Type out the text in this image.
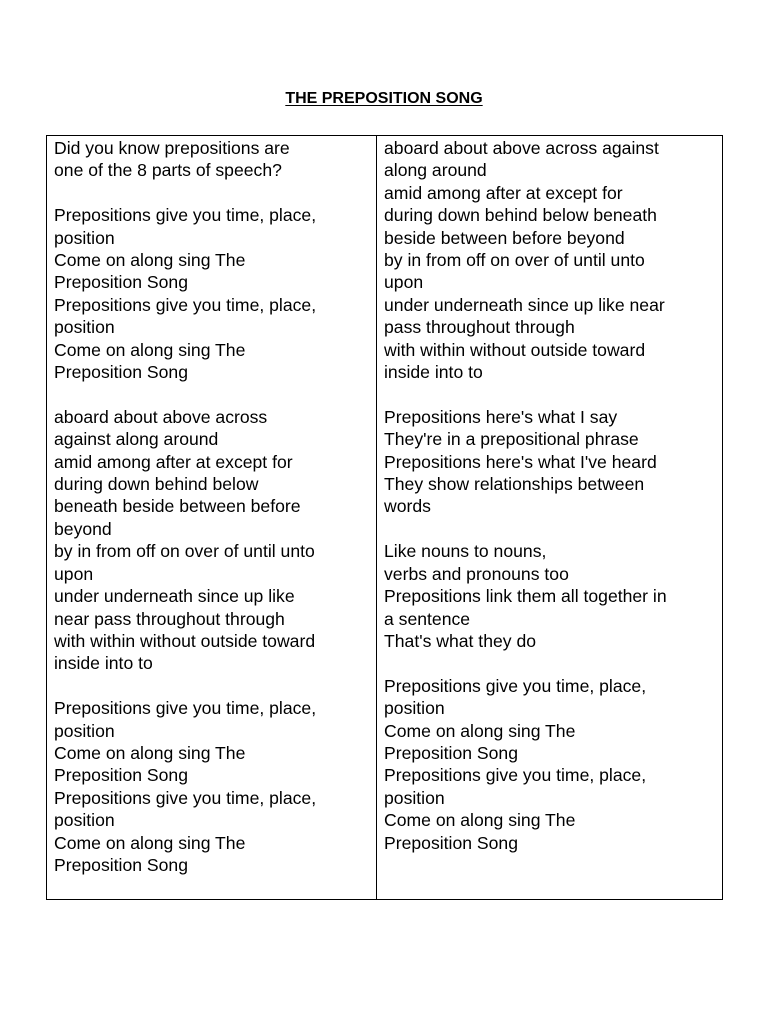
THE PREPOSITION SONG
Did you know prepositions are
one of the 8 parts of speech?
Prepositions give you time, place,
position
Come on along sing The
Preposition Song
Prepositions give you time, place,
position
Come on along sing The
Preposition Song
aboard about above across
against along around
amid among after at except for
during down behind below
beneath beside between before
beyond
by in from off on over of until unto
upon
under underneath since up like
near pass throughout through
with within without outside toward
inside into to
Prepositions give you time, place,
position
Come on along sing The
Preposition Song
Prepositions give you time, place,
position
Come on along sing The
Preposition Song
aboard about above across against
along around
amid among after at except for
during down behind below beneath
beside between before beyond
by in from off on over of until unto
upon
under underneath since up like near
pass throughout through
with within without outside toward
inside into to
Prepositions here's what I say
They're in a prepositional phrase
Prepositions here's what I've heard
They show relationships between
words
Like nouns to nouns,
verbs and pronouns too
Prepositions link them all together in
a sentence
That's what they do
Prepositions give you time, place,
position
Come on along sing The
Preposition Song
Prepositions give you time, place,
position
Come on along sing The
Preposition Song
